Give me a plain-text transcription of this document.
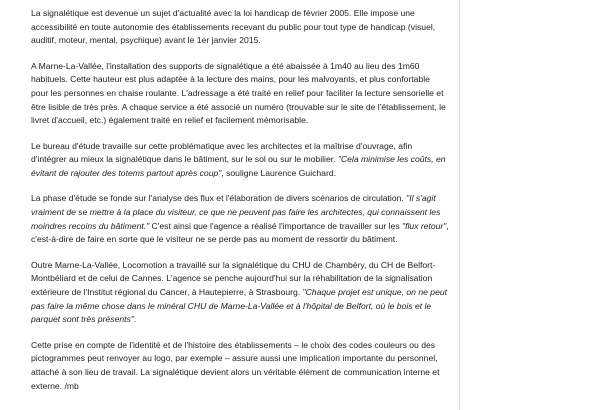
La signalétique est devenue un sujet d'actualité avec la loi handicap de février 2005. Elle impose une accessibilité en toute autonomie des établissements recevant du public pour tout type de handicap (visuel, auditif, moteur, mental, psychique) avant le 1er janvier 2015.

A Marne-La-Vallée, l'installation des supports de signalétique a été abaissée à 1m40 au lieu des 1m60 habituels. Cette hauteur est plus adaptée à la lecture des mains, pour les malvoyants, et plus confortable pour les personnes en chaise roulante. L'adressage a été traité en relief pour faciliter la lecture sensorielle et être lisible de très près. A chaque service a été associé un numéro (trouvable sur le site de l'établissement, le livret d'accueil, etc.) également traité en relief et facilement mémorisable.

Le bureau d'étude travaille sur cette problématique avec les architectes et la maîtrise d'ouvrage, afin d'intégrer au mieux la signalétique dans le bâtiment, sur le sol ou sur le mobilier. "Cela minimise les coûts, en évitant de rajouter des totems partout après coup", souligne Laurence Guichard.

La phase d'étude se fonde sur l'analyse des flux et l'élaboration de divers scénarios de circulation. "Il s'agit vraiment de se mettre à la place du visiteur, ce que ne peuvent pas faire les architectes, qui connaissent les moindres recoins du bâtiment." C'est ainsi que l'agence a réalisé l'importance de travailler sur les "flux retour", c'est-à-dire de faire en sorte que le visiteur ne se perde pas au moment de ressortir du bâtiment.

Outre Marne-La-Vallée, Locomotion a travaillé sur la signalétique du CHU de Chambéry, du CH de Belfort-Montbéliard et de celui de Cannes. L'agence se penche aujourd'hui sur la réhabilitation de la signalisation extérieure de l'Institut régional du Cancer, à Hautepierre, à Strasbourg. "Chaque projet est unique, on ne peut pas faire la même chose dans le minéral CHU de Marne-La-Vallée et à l'hôpital de Belfort, où le bois et le parquet sont très présents".

Cette prise en compte de l'identité et de l'histoire des établissements – le choix des codes couleurs ou des pictogrammes peut renvoyer au logo, par exemple – assure aussi une implication importante du personnel, attaché à son lieu de travail. La signalétique devient alors un véritable élément de communication interne et externe. /mb
